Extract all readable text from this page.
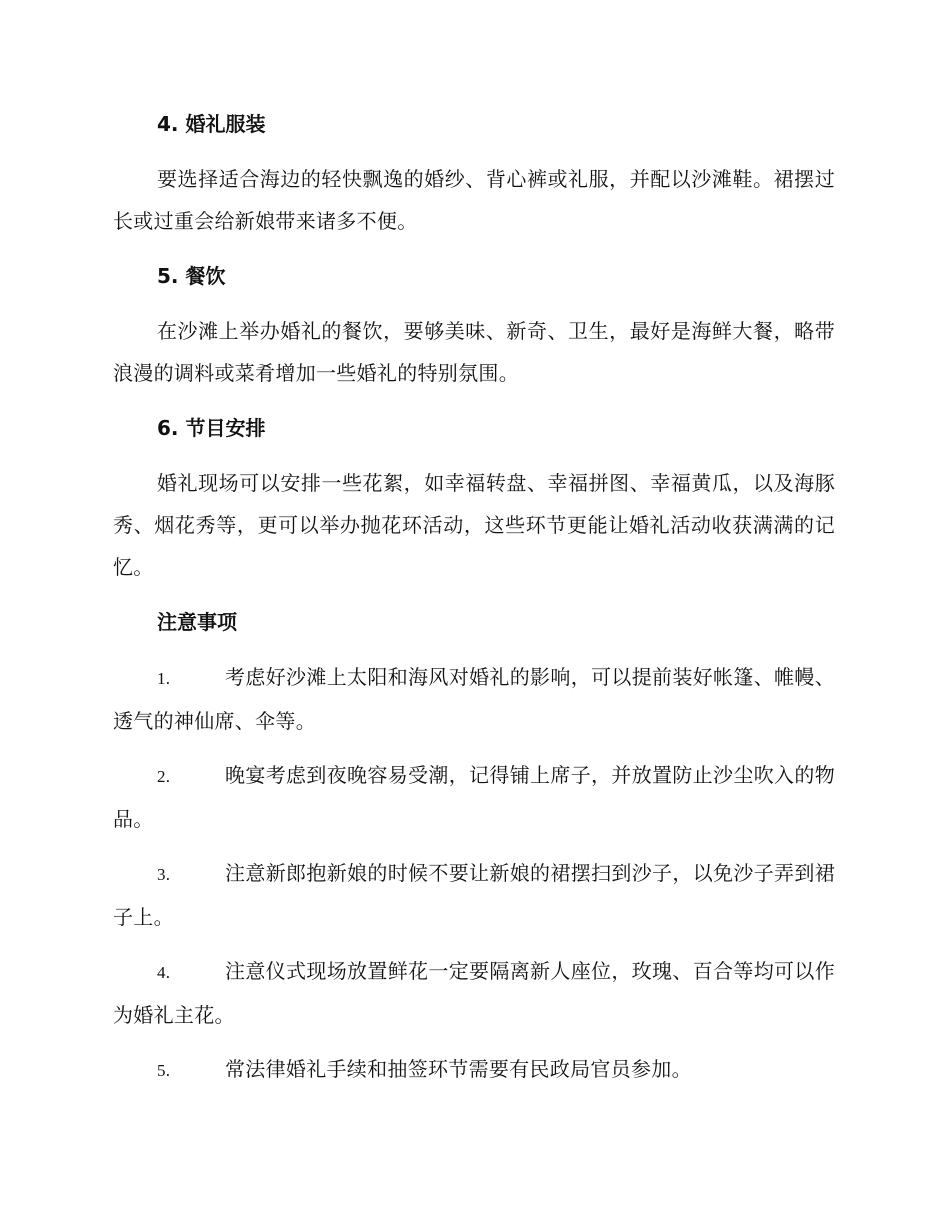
4. 婚礼服装

要选择适合海边的轻快飘逸的婚纱、背心裤或礼服，并配以沙滩鞋。裙摆过长或过重会给新娘带来诸多不便。

5. 餐饮

在沙滩上举办婚礼的餐饮，要够美味、新奇、卫生，最好是海鲜大餐，略带浪漫的调料或菜肴增加一些婚礼的特别氛围。

6. 节目安排

婚礼现场可以安排一些花絮，如幸福转盘、幸福拼图、幸福黄瓜，以及海豚秀、烟花秀等，更可以举办抛花环活动，这些环节更能让婚礼活动收获满满的记忆。

注意事项

1.	考虑好沙滩上太阳和海风对婚礼的影响，可以提前装好帐篷、帷幔、透气的神仙席、伞等。

2.	晚宴考虑到夜晚容易受潮，记得铺上席子，并放置防止沙尘吹入的物品。

3.	注意新郎抱新娘的时候不要让新娘的裙摆扫到沙子，以免沙子弄到裙子上。

4.	注意仪式现场放置鲜花一定要隔离新人座位，玫瑰、百合等均可以作为婚礼主花。

5.	常法律婚礼手续和抽签环节需要有民政局官员参加。
